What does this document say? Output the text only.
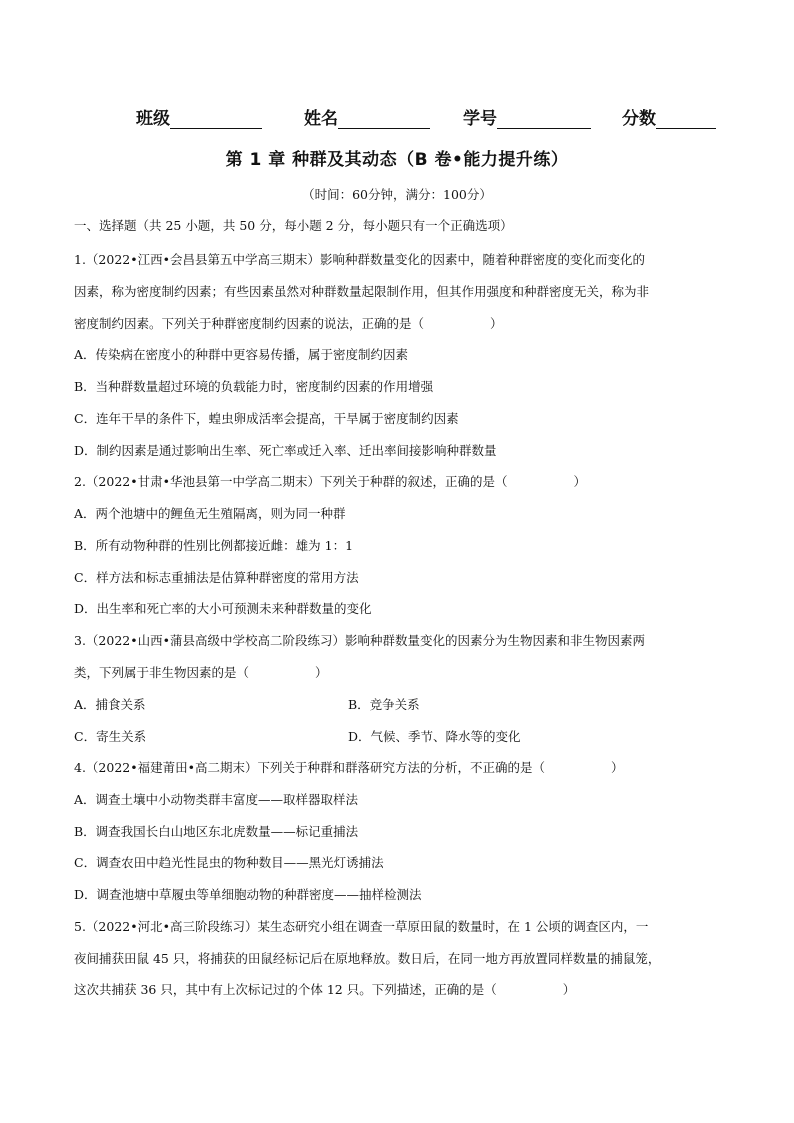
班级	姓名	学号	分数
第 1 章 种群及其动态（B 卷•能力提升练）
（时间：60分钟，满分：100分）
一、选择题（共 25 小题，共 50 分，每小题 2 分，每小题只有一个正确选项）
1.（2022•江西•会昌县第五中学高三期末）影响种群数量变化的因素中，随着种群密度的变化而变化的
因素，称为密度制约因素；有些因素虽然对种群数量起限制作用，但其作用强度和种群密度无关，称为非
密度制约因素。下列关于种群密度制约因素的说法，正确的是（	）
A．传染病在密度小的种群中更容易传播，属于密度制约因素
B．当种群数量超过环境的负载能力时，密度制约因素的作用增强
C．连年干旱的条件下，蝗虫卵成活率会提高，干旱属于密度制约因素
D．制约因素是通过影响出生率、死亡率或迁入率、迁出率间接影响种群数量
2.（2022•甘肃•华池县第一中学高二期末）下列关于种群的叙述，正确的是（	）
A．两个池塘中的鲤鱼无生殖隔离，则为同一种群
B．所有动物种群的性别比例都接近雌：雄为 1：1
C．样方法和标志重捕法是估算种群密度的常用方法
D．出生率和死亡率的大小可预测未来种群数量的变化
3.（2022•山西•蒲县高级中学校高二阶段练习）影响种群数量变化的因素分为生物因素和非生物因素两
类，下列属于非生物因素的是（	）
A．捕食关系	B．竞争关系
C．寄生关系	D．气候、季节、降水等的变化
4.（2022•福建莆田•高二期末）下列关于种群和群落研究方法的分析，不正确的是（	）
A．调查土壤中小动物类群丰富度——取样器取样法
B．调查我国长白山地区东北虎数量——标记重捕法
C．调查农田中趋光性昆虫的物种数目——黑光灯诱捕法
D．调查池塘中草履虫等单细胞动物的种群密度——抽样检测法
5.（2022•河北•高三阶段练习）某生态研究小组在调查一草原田鼠的数量时，在 1 公顷的调查区内，一
夜间捕获田鼠 45 只，将捕获的田鼠经标记后在原地释放。数日后，在同一地方再放置同样数量的捕鼠笼，
这次共捕获 36 只，其中有上次标记过的个体 12 只。下列描述，正确的是（	）
